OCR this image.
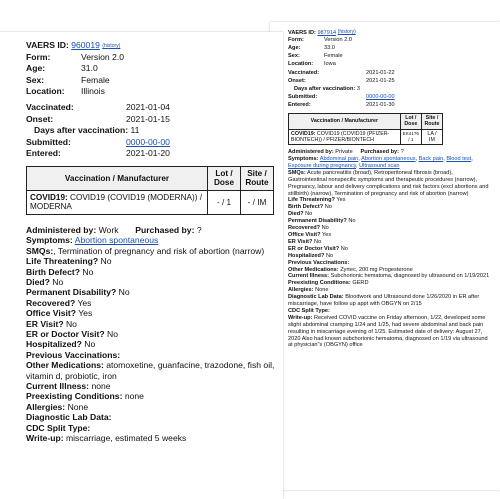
VAERS ID: 987914 (history)
Form:	Version 2.0
Age:	33.0
Sex:	Female
Location: Iowa
Vaccinated:	2021-01-22
Onset:	2021-01-25
Days after vaccination: 3
Submitted:	0000-00-00
Entered:	2021-01-30
Vaccination / Manufacturer	Lot / Dose	Site / Route
COVID19: COVID19 (COVID19 (PFIZER-BIONTECH)) / PFIZER/BIONTECH	EK4176 / 1	LA / IM
Administered by: Private Purchased by: ?
Symptoms: Abdominal pain, Abortion spontaneous, Back pain, Blood test, Exposure during pregnancy, Ultrasound scan
SMQs: Acute pancreatitis (broad), Retroperitoneal fibrosis (broad), Gastrointestinal nonspecific symptoms and therapeutic procedures (narrow), Pregnancy, labour and delivery complications and risk factors (excl abortions and stillbirth) (narrow), Termination of pregnancy and risk of abortion (narrow)
Life Threatening? Yes
Birth Defect? No
Died? No
Permanent Disability? No
Recovered? No
Office Visit? Yes
ER Visit? No
ER or Doctor Visit? No
Hospitalized? No
Previous Vaccinations:
Other Medications: Zyrtec, 200 mg Progesterone
Current Illness: Subchorionic hematoma, diagnosed by ultrasound on 1/19/2021
Preexisting Conditions: GERD
Allergies: None
Diagnostic Lab Data: Bloodwork and Ultrasound done 1/26/2020 in ER after miscarriage, have follow up appt with OBGYN on 2/15
CDC Split Type:
Write-up: Received COVID vaccine on Friday afternoon, 1/22, developed some slight abdominal cramping 1/24 and 1/25, had severe abdominal and back pain resulting in miscarriage evening of 1/25. Estimated date of delivery: August 27, 2020 Also had known subchorionic hematoma, diagnosed on 1/19 via ultrasound at physician"s (OBGYN) office
VAERS ID: 960019 (history)
Form:	Version 2.0
Age:	31.0
Sex:	Female
Location: Illinois
Vaccinated:	2021-01-04
Onset:	2021-01-15
Days after vaccination: 11
Submitted:	0000-00-00
Entered:	2021-01-20
Vaccination / Manufacturer	Lot / Dose	Site / Route
COVID19: COVID19 (COVID19 (MODERNA)) / MODERNA	- / 1	- / IM
Administered by: Work Purchased by: ?
Symptoms: Abortion spontaneous
SMQs:, Termination of pregnancy and risk of abortion (narrow)
Life Threatening? No
Birth Defect? No
Died? No
Permanent Disability? No
Recovered? Yes
Office Visit? Yes
ER Visit? No
ER or Doctor Visit? No
Hospitalized? No
Previous Vaccinations:
Other Medications: atomoxetine, guanfacine, trazodone, fish oil, vitamin d, probiotic, iron
Current Illness: none
Preexisting Conditions: none
Allergies: None
Diagnostic Lab Data:
CDC Split Type:
Write-up: miscarriage, estimated 5 weeks
